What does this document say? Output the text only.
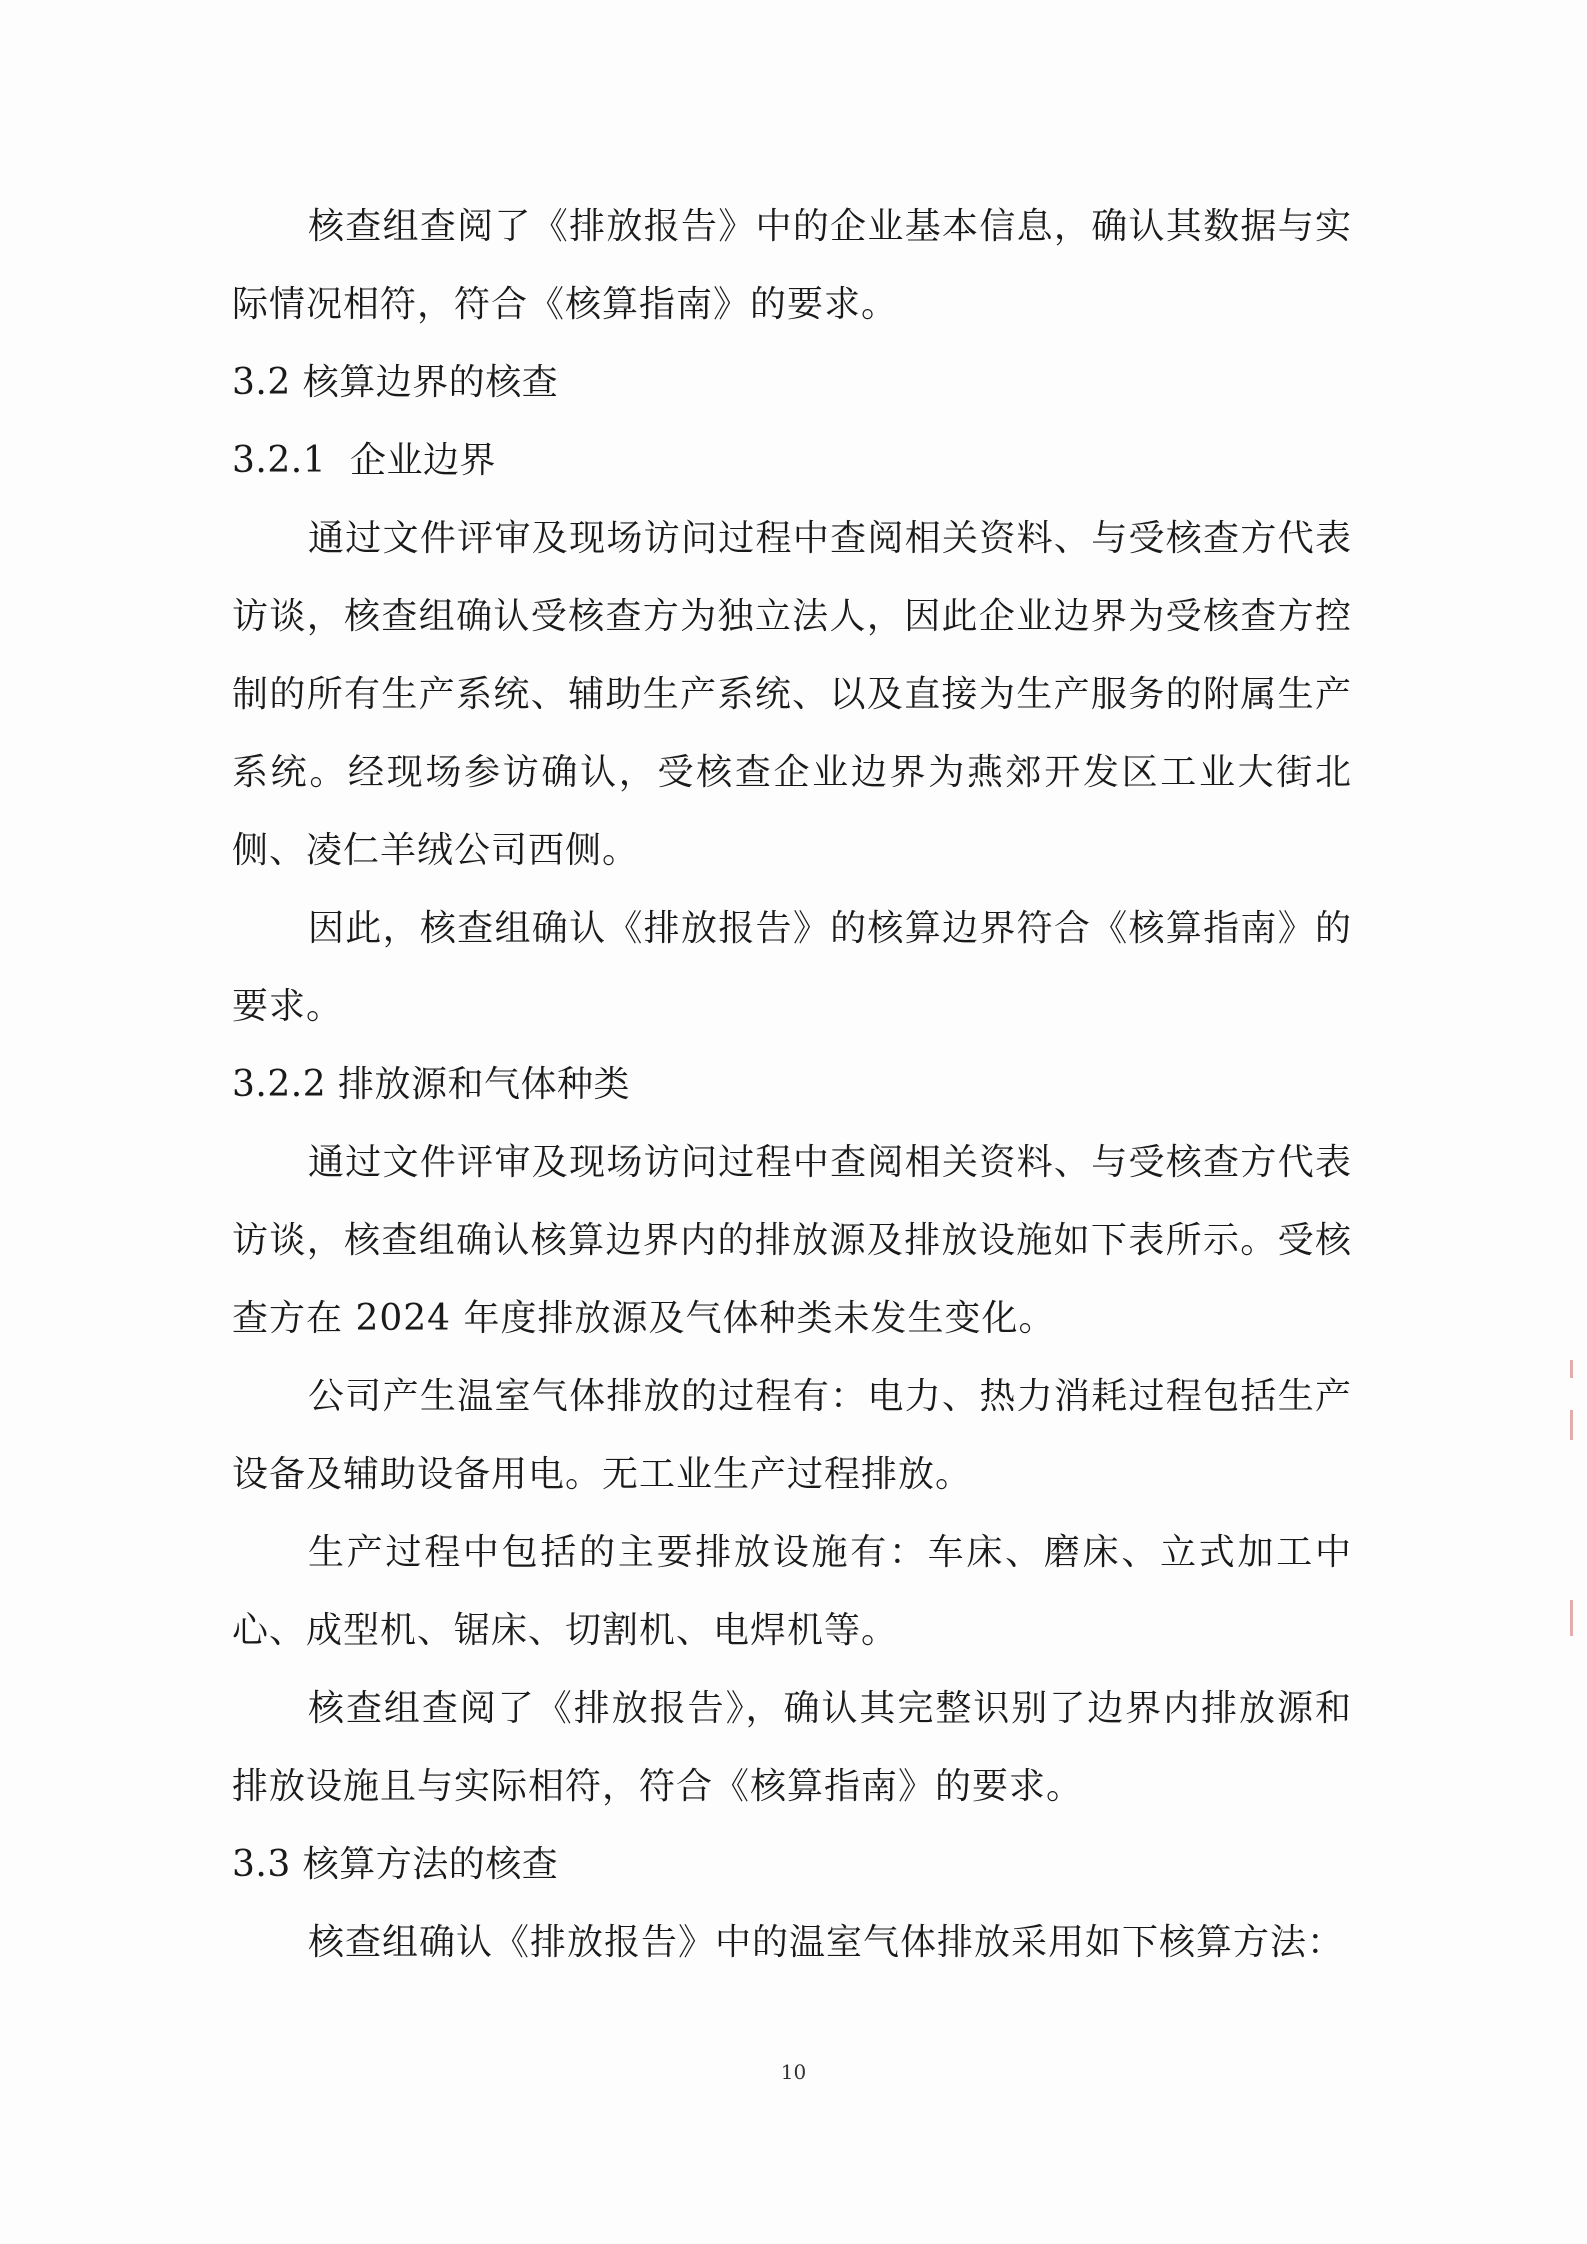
核查组查阅了《排放报告》中的企业基本信息，确认其数据与实际情况相符，符合《核算指南》的要求。

3.2 核算边界的核查

3.2.1  企业边界

通过文件评审及现场访问过程中查阅相关资料、与受核查方代表访谈，核查组确认受核查方为独立法人，因此企业边界为受核查方控制的所有生产系统、辅助生产系统、以及直接为生产服务的附属生产系统。经现场参访确认，受核查企业边界为燕郊开发区工业大街北侧、凌仁羊绒公司西侧。

因此，核查组确认《排放报告》的核算边界符合《核算指南》的要求。

3.2.2 排放源和气体种类

通过文件评审及现场访问过程中查阅相关资料、与受核查方代表访谈，核查组确认核算边界内的排放源及排放设施如下表所示。受核查方在 2024 年度排放源及气体种类未发生变化。

公司产生温室气体排放的过程有：电力、热力消耗过程包括生产设备及辅助设备用电。无工业生产过程排放。

生产过程中包括的主要排放设施有：车床、磨床、立式加工中心、成型机、锯床、切割机、电焊机等。

核查组查阅了《排放报告》，确认其完整识别了边界内排放源和排放设施且与实际相符，符合《核算指南》的要求。

3.3 核算方法的核查

核查组确认《排放报告》中的温室气体排放采用如下核算方法：

10
